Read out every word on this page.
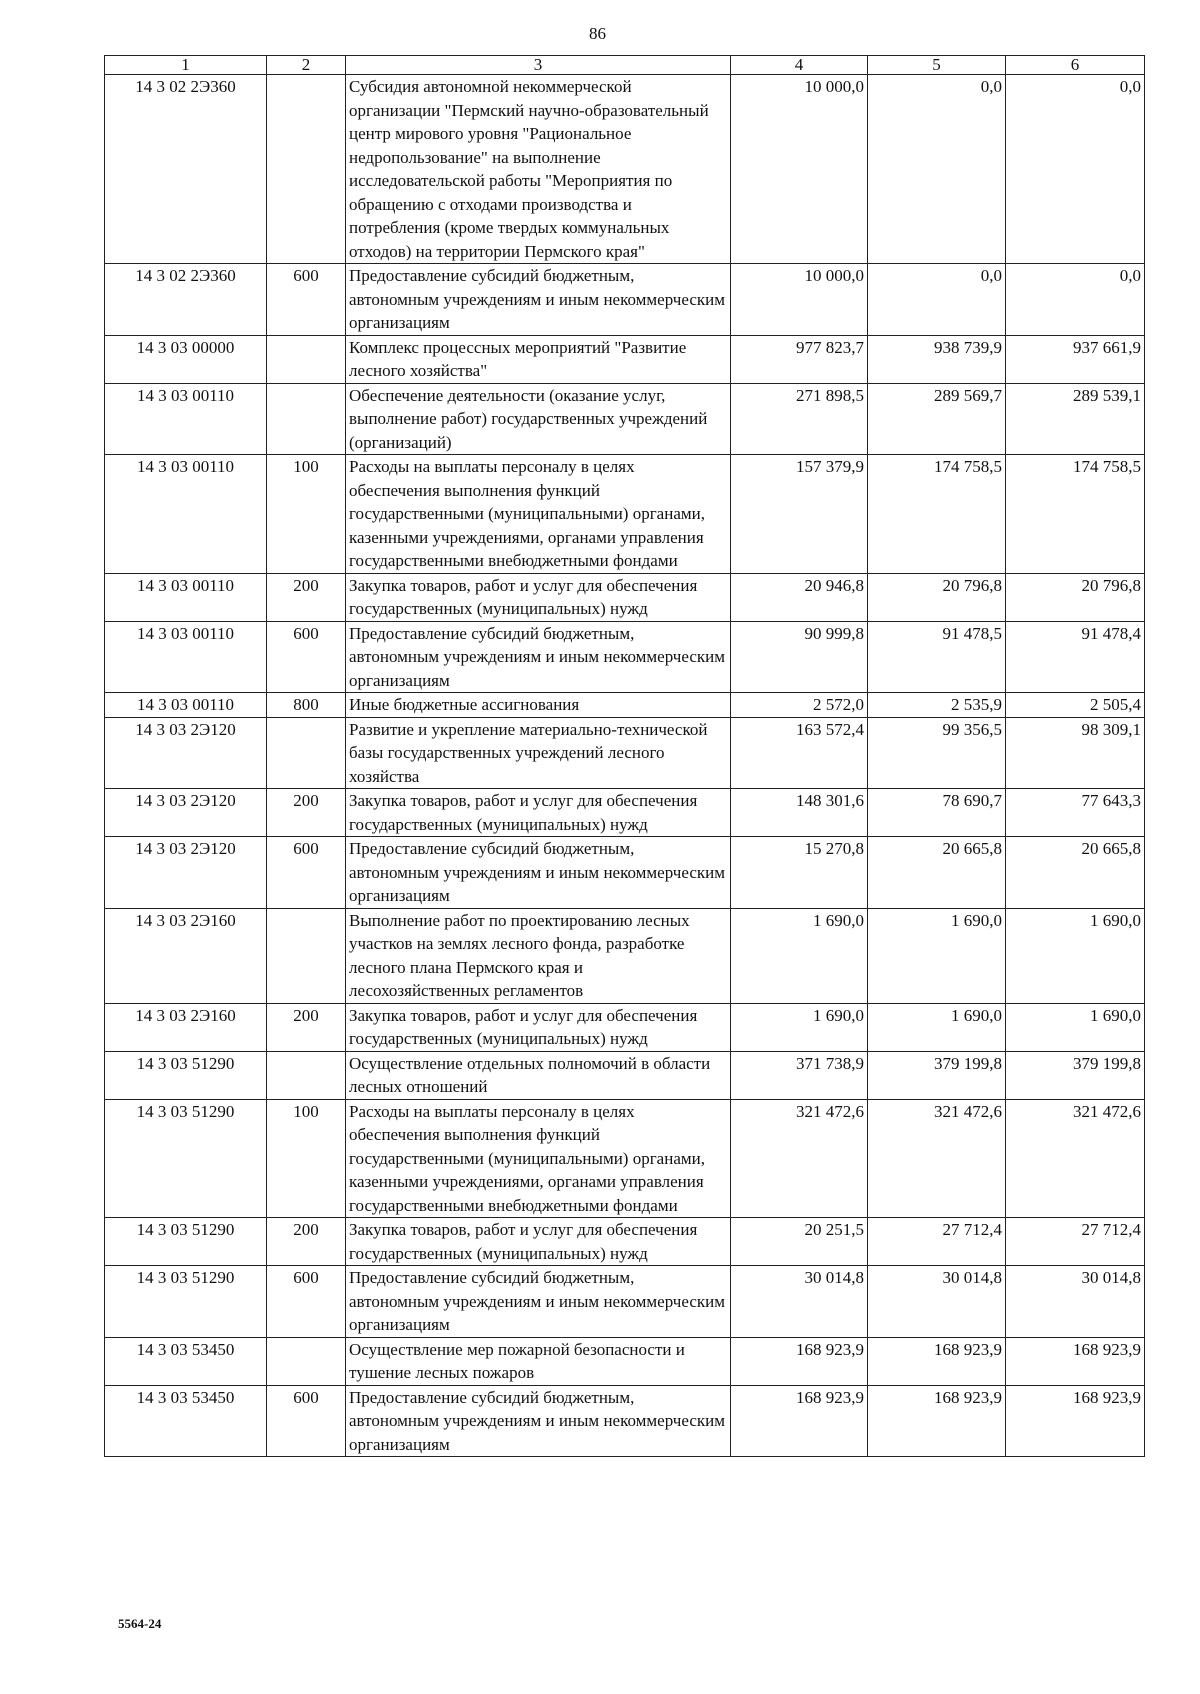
86
1	2	3	4	5	6
14 3 02 2Э360		Субсидия автономной некоммерческой организации "Пермский научно-образовательный центр мирового уровня "Рациональное недропользование" на выполнение исследовательской работы "Мероприятия по обращению с отходами производства и потребления (кроме твердых коммунальных отходов) на территории Пермского края"	10 000,0	0,0	0,0
14 3 02 2Э360	600	Предоставление субсидий бюджетным, автономным учреждениям и иным некоммерческим организациям	10 000,0	0,0	0,0
14 3 03 00000		Комплекс процессных мероприятий "Развитие лесного хозяйства"	977 823,7	938 739,9	937 661,9
14 3 03 00110		Обеспечение деятельности (оказание услуг, выполнение работ) государственных учреждений (организаций)	271 898,5	289 569,7	289 539,1
14 3 03 00110	100	Расходы на выплаты персоналу в целях обеспечения выполнения функций государственными (муниципальными) органами, казенными учреждениями, органами управления государственными внебюджетными фондами	157 379,9	174 758,5	174 758,5
14 3 03 00110	200	Закупка товаров, работ и услуг для обеспечения государственных (муниципальных) нужд	20 946,8	20 796,8	20 796,8
14 3 03 00110	600	Предоставление субсидий бюджетным, автономным учреждениям и иным некоммерческим организациям	90 999,8	91 478,5	91 478,4
14 3 03 00110	800	Иные бюджетные ассигнования	2 572,0	2 535,9	2 505,4
14 3 03 2Э120		Развитие и укрепление материально-технической базы государственных учреждений лесного хозяйства	163 572,4	99 356,5	98 309,1
14 3 03 2Э120	200	Закупка товаров, работ и услуг для обеспечения государственных (муниципальных) нужд	148 301,6	78 690,7	77 643,3
14 3 03 2Э120	600	Предоставление субсидий бюджетным, автономным учреждениям и иным некоммерческим организациям	15 270,8	20 665,8	20 665,8
14 3 03 2Э160		Выполнение работ по проектированию лесных участков на землях лесного фонда, разработке лесного плана Пермского края и лесохозяйственных регламентов	1 690,0	1 690,0	1 690,0
14 3 03 2Э160	200	Закупка товаров, работ и услуг для обеспечения государственных (муниципальных) нужд	1 690,0	1 690,0	1 690,0
14 3 03 51290		Осуществление отдельных полномочий в области лесных отношений	371 738,9	379 199,8	379 199,8
14 3 03 51290	100	Расходы на выплаты персоналу в целях обеспечения выполнения функций государственными (муниципальными) органами, казенными учреждениями, органами управления государственными внебюджетными фондами	321 472,6	321 472,6	321 472,6
14 3 03 51290	200	Закупка товаров, работ и услуг для обеспечения государственных (муниципальных) нужд	20 251,5	27 712,4	27 712,4
14 3 03 51290	600	Предоставление субсидий бюджетным, автономным учреждениям и иным некоммерческим организациям	30 014,8	30 014,8	30 014,8
14 3 03 53450		Осуществление мер пожарной безопасности и тушение лесных пожаров	168 923,9	168 923,9	168 923,9
14 3 03 53450	600	Предоставление субсидий бюджетным, автономным учреждениям и иным некоммерческим организациям	168 923,9	168 923,9	168 923,9
5564-24
